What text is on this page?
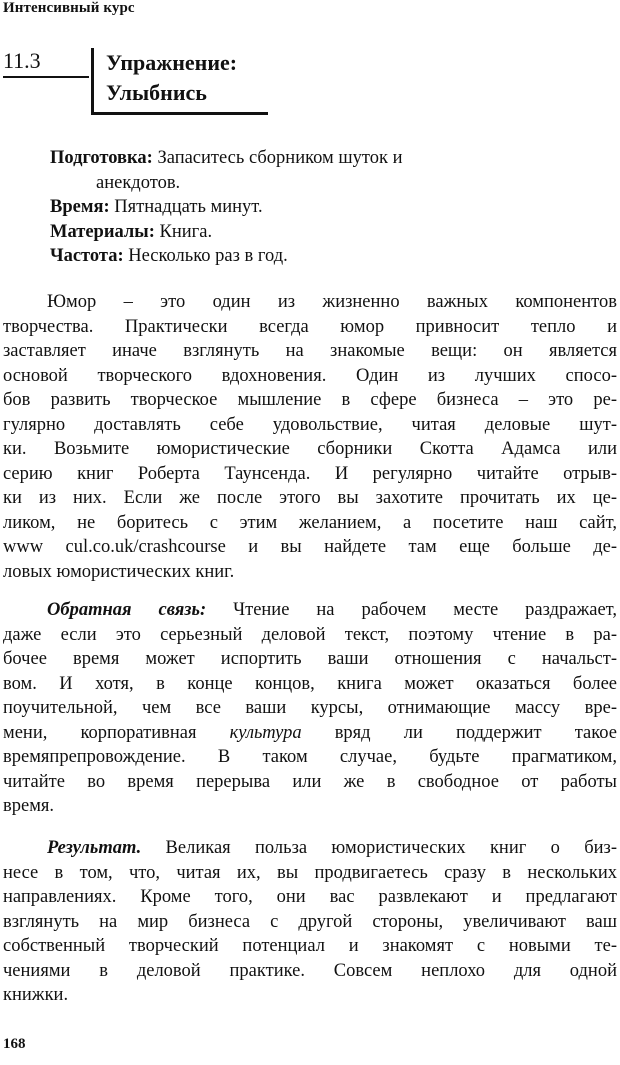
Интенсивный курс
11.3	Упражнение:
Улыбнись
Подготовка: Запаситесь сборником шуток и
анекдотов.
Время: Пятнадцать минут.
Материалы: Книга.
Частота: Несколько раз в год.
Юмор – это один из жизненно важных компонентов
творчества. Практически всегда юмор привносит тепло и
заставляет иначе взглянуть на знакомые вещи: он является
основой творческого вдохновения. Один из лучших спосо-
бов развить творческое мышление в сфере бизнеса – это ре-
гулярно доставлять себе удовольствие, читая деловые шут-
ки. Возьмите юмористические сборники Скотта Адамса или
серию книг Роберта Таунсенда. И регулярно читайте отрыв-
ки из них. Если же после этого вы захотите прочитать их це-
ликом, не боритесь с этим желанием, а посетите наш сайт,
www cul.co.uk/crashcourse и вы найдете там еще больше де-
ловых юмористических книг.
Обратная связь: Чтение на рабочем месте раздражает,
даже если это серьезный деловой текст, поэтому чтение в ра-
бочее время может испортить ваши отношения с начальст-
вом. И хотя, в конце концов, книга может оказаться более
поучительной, чем все ваши курсы, отнимающие массу вре-
мени, корпоративная культура вряд ли поддержит такое
времяпрепровождение. В таком случае, будьте прагматиком,
читайте во время перерыва или же в свободное от работы
время.
Результат. Великая польза юмористических книг о биз-
несе в том, что, читая их, вы продвигаетесь сразу в нескольких
направлениях. Кроме того, они вас развлекают и предлагают
взглянуть на мир бизнеса с другой стороны, увеличивают ваш
собственный творческий потенциал и знакомят с новыми те-
чениями в деловой практике. Совсем неплохо для одной
книжки.
168
